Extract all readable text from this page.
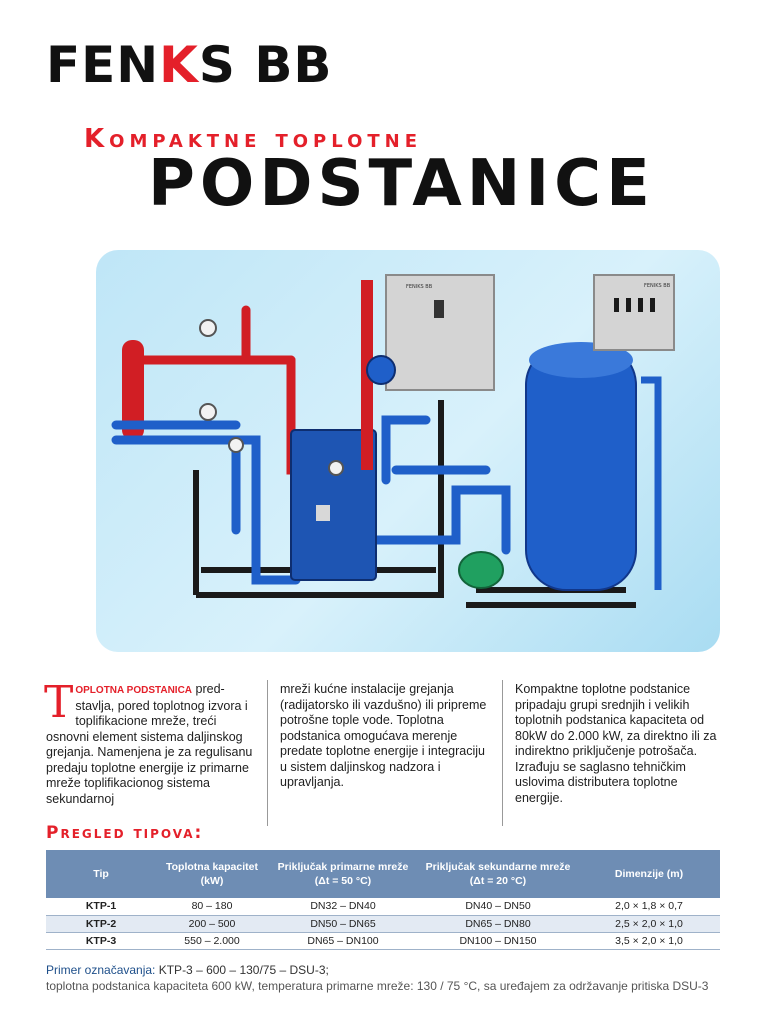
FENKS BB
Kompaktne toplotne
PODSTANICE
FENIKS BB	FENIKS BB
TOPLOTNA PODSTANICA pred-stavlja, pored toplotnog izvora i toplifikacione mreže, treći osnovni element sistema daljinskog grejanja. Namenjena je za regulisanu predaju toplotne energije iz primarne mreže toplifikacionog sistema sekundarnoj
mreži kućne instalacije grejanja (radijatorsko ili vazdušno) ili pripreme potrošne tople vode. Toplotna podstanica omogućava merenje predate toplotne energije i integraciju u sistem daljinskog nadzora i upravljanja.
Kompaktne toplotne podstanice pripadaju grupi srednjih i velikih toplotnih podstanica kapaciteta od 80kW do 2.000 kW, za direktno ili za indirektno priključenje potrošača. Izrađuju se saglasno tehničkim uslovima distributera toplotne energije.
Pregled tipova:
Tip	Toplotna kapacitet (kW)	Priključak primarne mreže (Δt = 50 °C)	Priključak sekundarne mreže (Δt = 20 °C)	Dimenzije (m)
KTP-1	80 – 180	DN32 – DN40	DN40 – DN50	2,0 × 1,8 × 0,7
KTP-2	200 – 500	DN50 – DN65	DN65 – DN80	2,5 × 2,0 × 1,0
KTP-3	550 – 2.000	DN65 – DN100	DN100 – DN150	3,5 × 2,0 × 1,0
Primer označavanja: KTP-3 – 600 – 130/75 – DSU-3;
toplotna podstanica kapaciteta 600 kW, temperatura primarne mreže: 130 / 75 °C, sa uređajem za održavanje pritiska DSU-3
